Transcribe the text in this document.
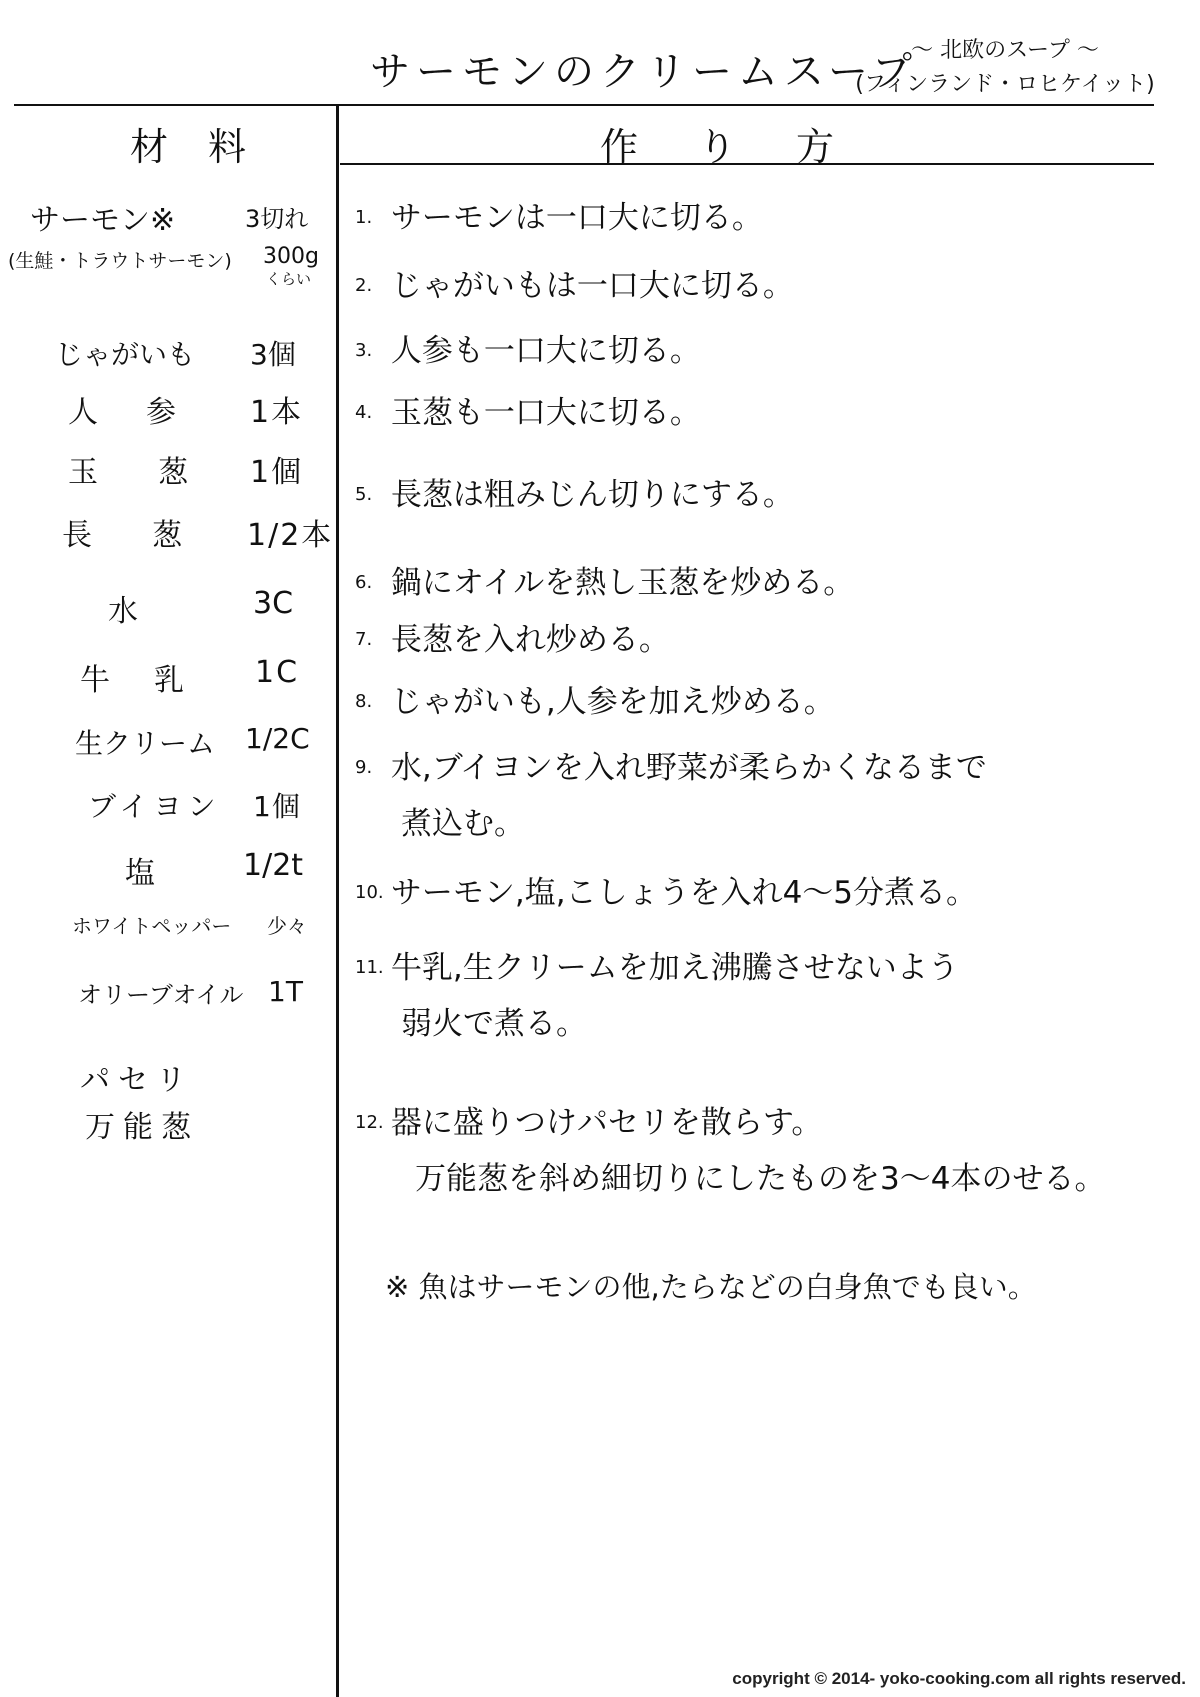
サーモンのクリームスープ
〜 北欧のスープ 〜
(フィンランド・ロヒケイット)
材料	作り方
サーモン※	3切れ
(生鮭・トラウトサーモン) 300g
くらい
じゃがいも 3個
人参 1本
玉葱 1個
長葱 1/2本
水	3C
牛乳 1C
生クリーム 1/2C
ブイヨン 1個
塩	1/2t
ホワイトペッパー 少々
オリーブオイル 1T
パセリ
万能葱
1. サーモンは一口大に切る。
2. じゃがいもは一口大に切る。
3. 人参も一口大に切る。
4. 玉葱も一口大に切る。
5. 長葱は粗みじん切りにする。
6. 鍋にオイルを熱し玉葱を炒める。
7. 長葱を入れ炒める。
8. じゃがいも,人参を加え炒める。
9. 水,ブイヨンを入れ野菜が柔らかくなるまで
煮込む。
10. サーモン,塩,こしょうを入れ4〜5分煮る。
11. 牛乳,生クリームを加え沸騰させないよう
弱火で煮る。
12. 器に盛りつけパセリを散らす。
万能葱を斜め細切りにしたものを3〜4本のせる。
※ 魚はサーモンの他,たらなどの白身魚でも良い。
copyright © 2014- yoko-cooking.com all rights reserved.
